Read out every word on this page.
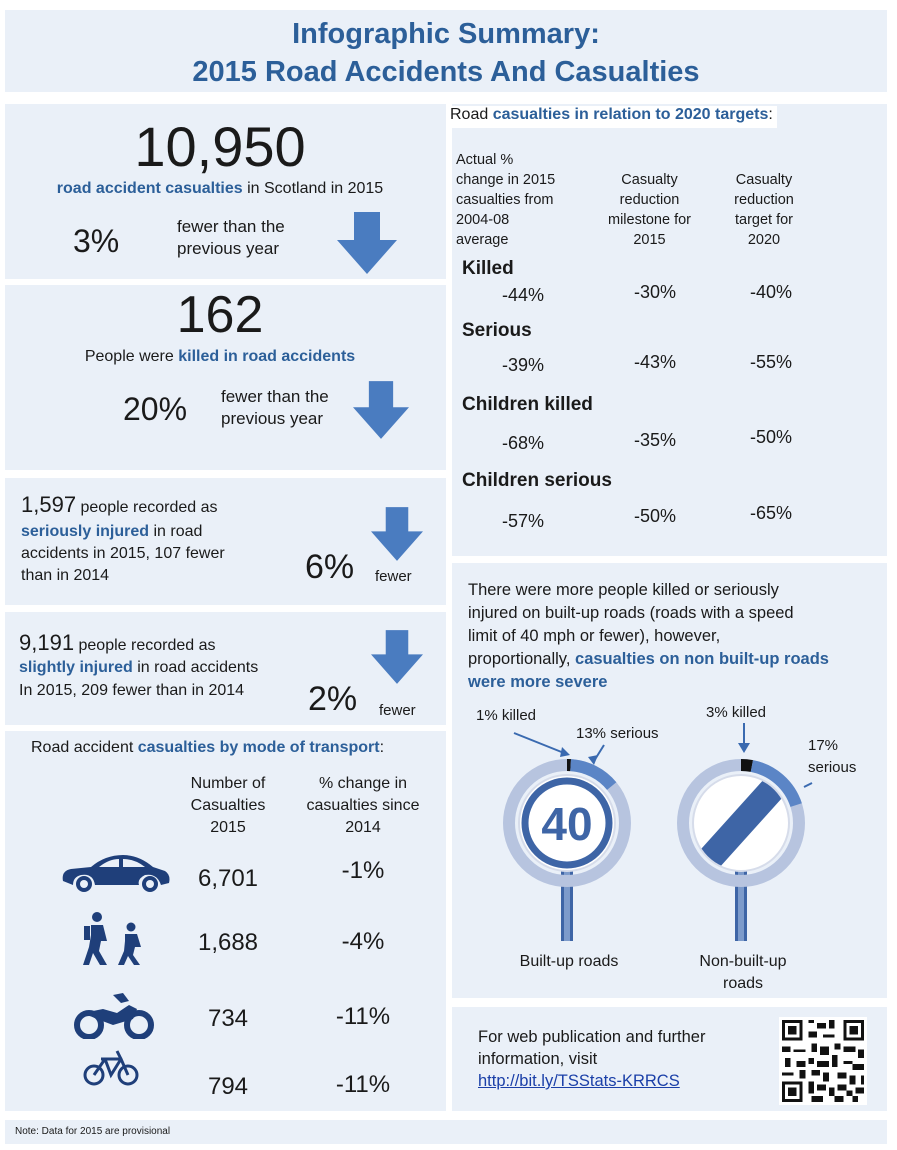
Infographic Summary:
2015 Road Accidents And Casualties
10,950
road accident casualties in Scotland in 2015
3%	fewer than the
previous year
162
People were killed in road accidents
20% fewer than the
previous year
1,597 people recorded as
seriously injured in road
accidents in 2015, 107 fewer
than in 2014	6% fewer
9,191 people recorded as
slightly injured in road accidents
In 2015, 209 fewer than in 2014 2% fewer
Road accident casualties by mode of transport:
Number of
Casualties
2015
% change in
casualties since
2014
6,701	-1%
1,688	-4%
734	-11%
794	-11%
Road casualties in relation to 2020 targets:
Actual %
change in 2015
casualties from
2004-08
average
Casualty
reduction
milestone for
2015
Casualty
reduction
target for
2020
Killed
-44%	-30%	-40%
Serious
-39%	-43%	-55%
Children killed
-68%	-35%	-50%
Children serious
-57%	-50%	-65%
There were more people killed or seriously
injured on built-up roads (roads with a speed
limit of 40 mph or fewer), however,
proportionally, casualties on non built-up roads
were more severe
1% killed
13% serious
40
Built-up roads
3% killed
17%
serious
Non-built-up
roads
For web publication and further
information, visit
http://bit.ly/TSStats-KRRCS
Note: Data for 2015 are provisional
